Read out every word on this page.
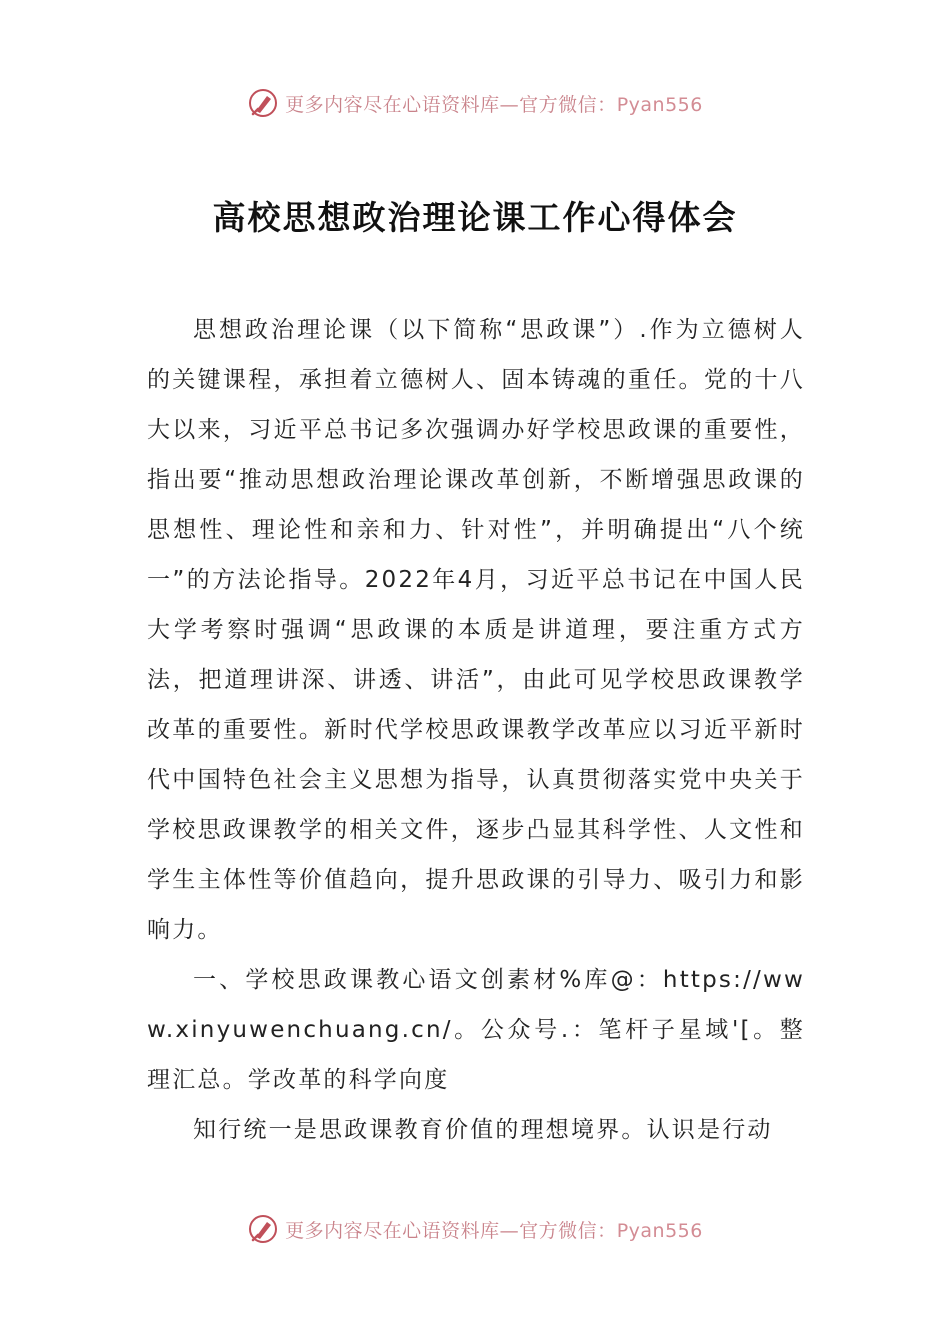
更多内容尽在心语资料库—官方微信：Pyan556
高校思想政治理论课工作心得体会

思想政治理论课（以下简称“思政课”）.作为立德树人的关键课程，承担着立德树人、固本铸魂的重任。党的十八大以来，习近平总书记多次强调办好学校思政课的重要性，指出要“推动思想政治理论课改革创新，不断增强思政课的思想性、理论性和亲和力、针对性”，并明确提出“八个统一”的方法论指导。2022年4月，习近平总书记在中国人民大学考察时强调“思政课的本质是讲道理，要注重方式方法，把道理讲深、讲透、讲活”，由此可见学校思政课教学改革的重要性。新时代学校思政课教学改革应以习近平新时代中国特色社会主义思想为指导，认真贯彻落实党中央关于学校思政课教学的相关文件，逐步凸显其科学性、人文性和学生主体性等价值趋向，提升思政课的引导力、吸引力和影响力。

一、学校思政课教心语文创素材%库@：https://www.xinyuwenchuang.cn/。公众号.：笔杆子星域'[。整理汇总。学改革的科学向度

知行统一是思政课教育价值的理想境界。认识是行动

更多内容尽在心语资料库—官方微信：Pyan556
